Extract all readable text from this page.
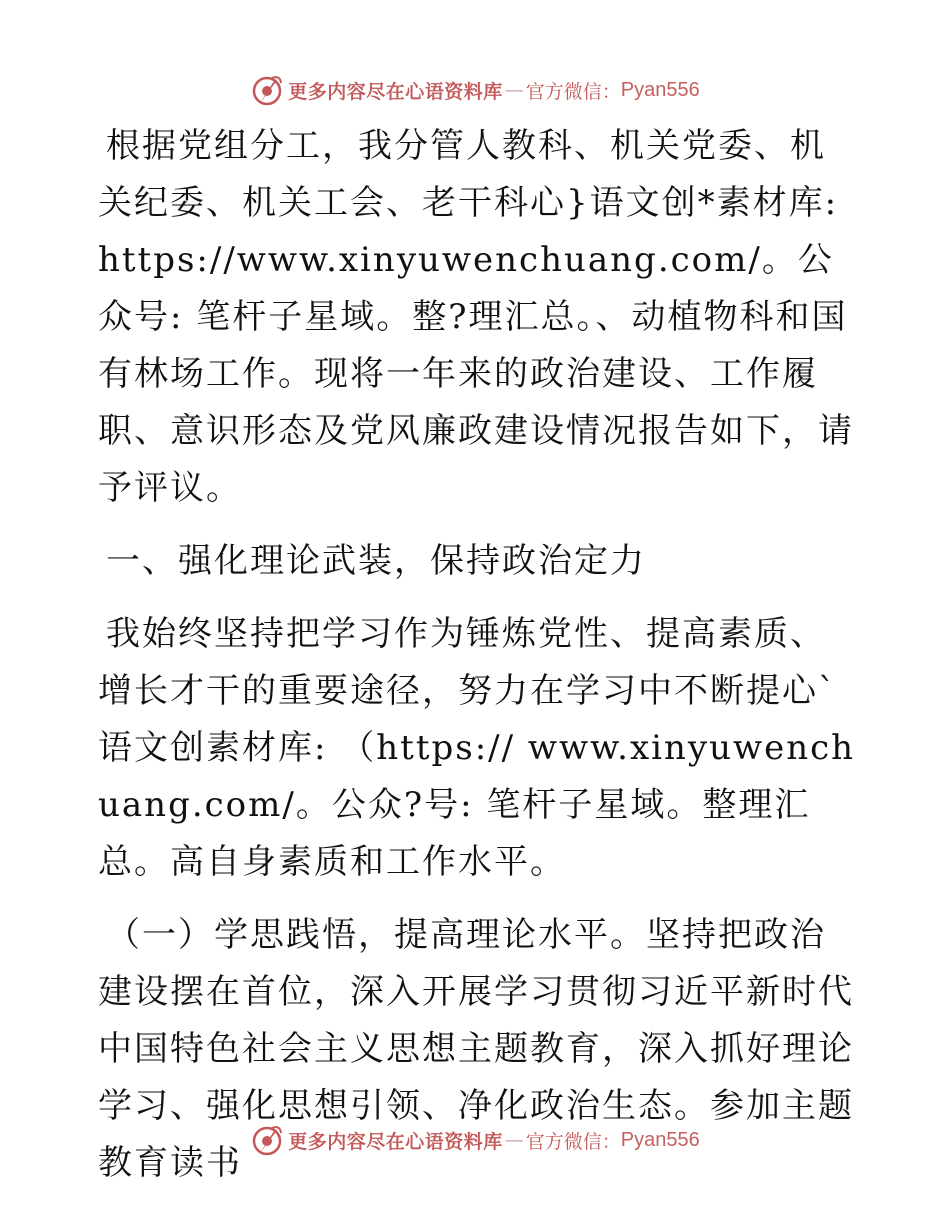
更多内容尽在心语资料库 — 官方微信： Pyan556

根据党组分工，我分管人教科、机关党委、机关纪委、机关工会、老干科心}语文创*素材库: https://www.xinyuwenchuang.com/。公众号: 笔杆子星域。整?理汇总。、动植物科和国有林场工作。现将一年来的政治建设、工作履职、意识形态及党风廉政建设情况报告如下，请予评议。

一、强化理论武装，保持政治定力

我始终坚持把学习作为锤炼党性、提高素质、增长才干的重要途径，努力在学习中不断提心`语文创素材库: （https:// www.xinyuwenchuang.com/。公众?号: 笔杆子星域。整理汇总。高自身素质和工作水平。

（一）学思践悟，提高理论水平。坚持把政治建设摆在首位，深入开展学习贯彻习近平新时代中国特色社会主义思想主题教育，深入抓好理论学习、强化思想引领、净化政治生态。参加主题教育读书

更多内容尽在心语资料库 — 官方微信： Pyan556
